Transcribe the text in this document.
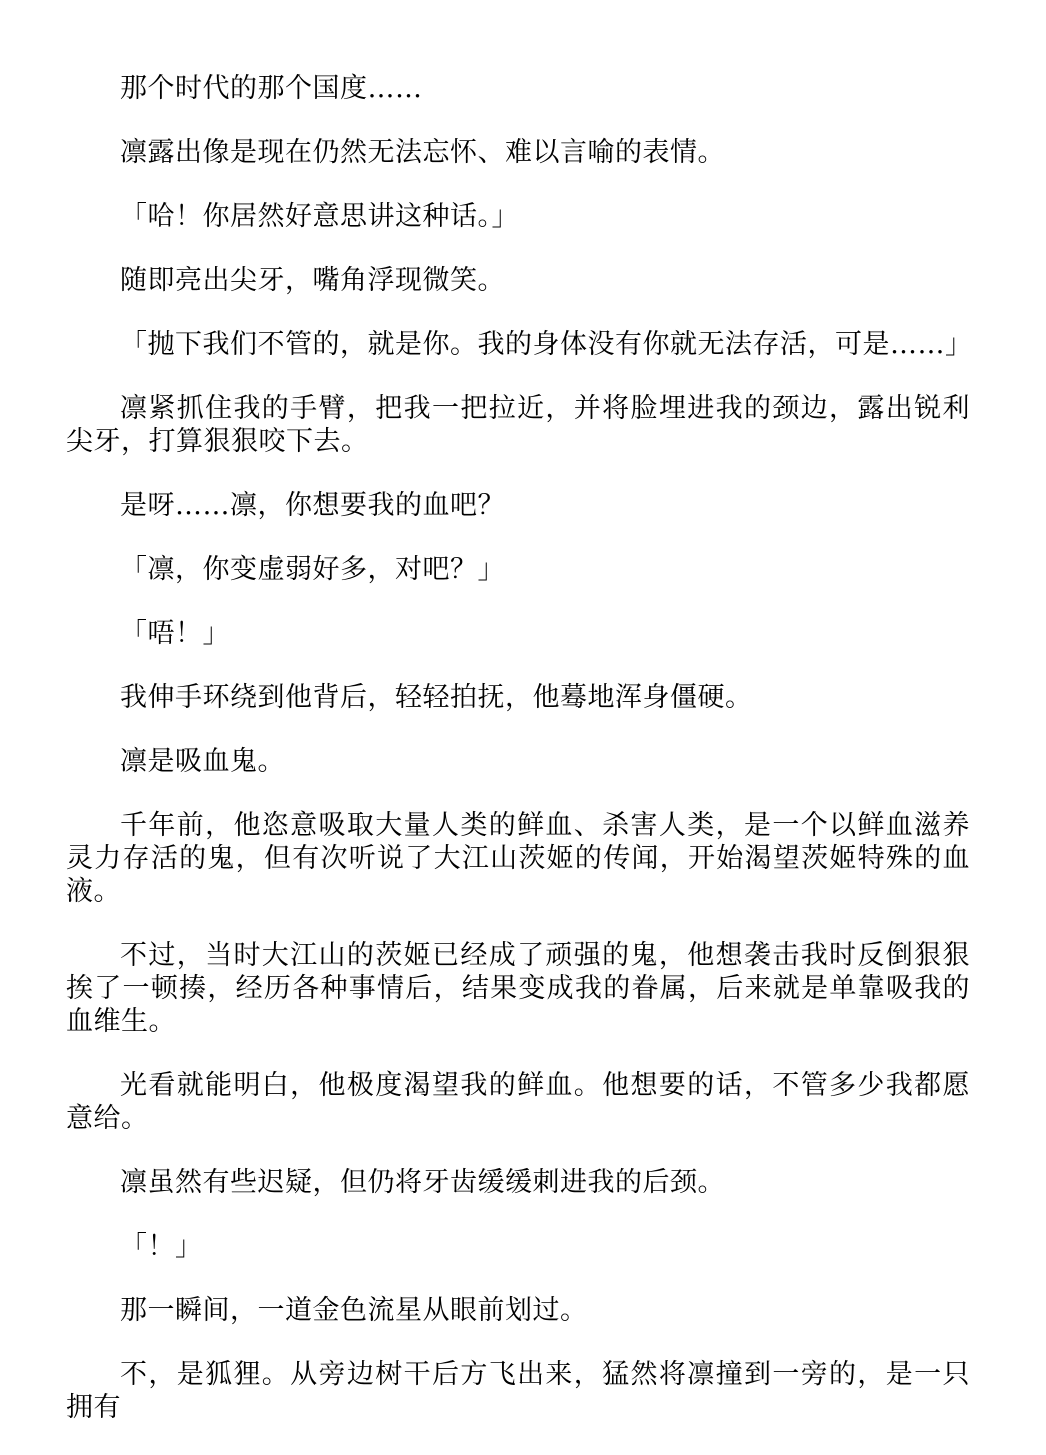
那个时代的那个国度……

凛露出像是现在仍然无法忘怀、难以言喻的表情。

「哈！你居然好意思讲这种话。」

随即亮出尖牙，嘴角浮现微笑。

「抛下我们不管的，就是你。我的身体没有你就无法存活，可是……」

凛紧抓住我的手臂，把我一把拉近，并将脸埋进我的颈边，露出锐利尖牙，打算狠狠咬下去。

是呀……凛，你想要我的血吧？

「凛，你变虚弱好多，对吧？」

「唔！」

我伸手环绕到他背后，轻轻拍抚，他蓦地浑身僵硬。

凛是吸血鬼。

千年前，他恣意吸取大量人类的鲜血、杀害人类，是一个以鲜血滋养灵力存活的鬼，但有次听说了大江山茨姬的传闻，开始渴望茨姬特殊的血液。

不过，当时大江山的茨姬已经成了顽强的鬼，他想袭击我时反倒狠狠挨了一顿揍，经历各种事情后，结果变成我的眷属，后来就是单靠吸我的血维生。

光看就能明白，他极度渴望我的鲜血。他想要的话，不管多少我都愿意给。

凛虽然有些迟疑，但仍将牙齿缓缓刺进我的后颈。

「！」

那一瞬间，一道金色流星从眼前划过。

不，是狐狸。从旁边树干后方飞出来，猛然将凛撞到一旁的，是一只拥有
